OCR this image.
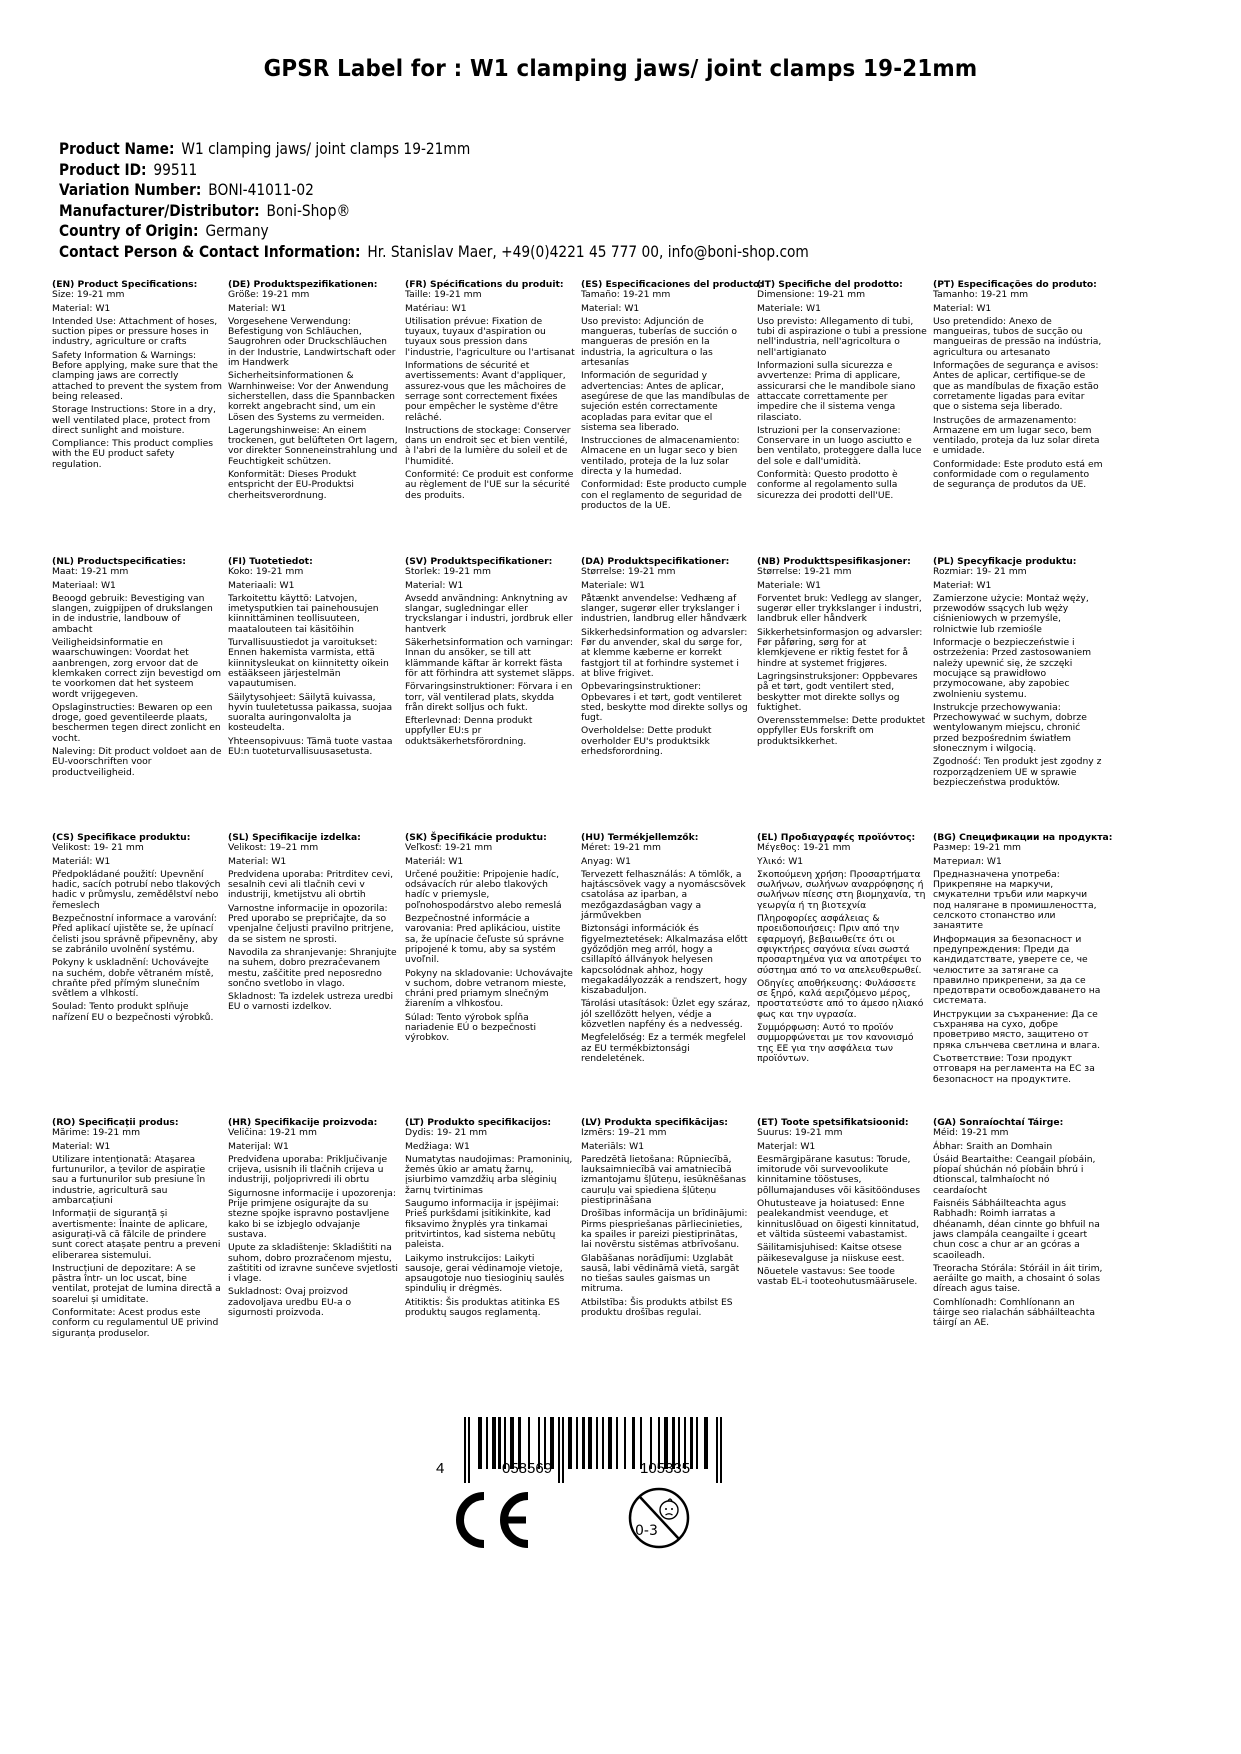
GPSR Label for : W1 clamping jaws/ joint clamps 19-21mm
Product Name: W1 clamping jaws/ joint clamps 19-21mm
Product ID: 99511
Variation Number: BONI-41011-02
Manufacturer/Distributor: Boni-Shop®
Country of Origin: Germany
Contact Person & Contact Information: Hr. Stanislav Maer, +49(0)4221 45 777 00, info@boni-shop.com
(EN) Product Specifications:
Size: 19-21 mm
Material: W1
Intended Use: Attachment of hoses, suction pipes or pressure hoses in industry, agriculture or crafts
Safety Information & Warnings: Before applying, make sure that the clamping jaws are correctly attached to prevent the system from being released.
Storage Instructions: Store in a dry, well ventilated place, protect from direct sunlight and moisture.
Compliance: This product complies with the EU product safety regulation.
(DE) Produktspezifikationen:
Größe: 19-21 mm
Material: W1
Vorgesehene Verwendung: Befestigung von Schläuchen, Saugrohren oder Druckschläuchen in der Industrie, Landwirtschaft oder im Handwerk
Sicherheitsinformationen & Warnhinweise: Vor der Anwendung sicherstellen, dass die Spannbacken korrekt angebracht sind, um ein Lösen des Systems zu vermeiden.
Lagerungshinweise: An einem trockenen, gut belüfteten Ort lagern, vor direkter Sonneneinstrahlung und Feuchtigkeit schützen.
Konformität: Dieses Produkt entspricht der EU-Produktsi cherheitsverordnung.
(FR) Spécifications du produit:
Taille: 19-21 mm
Matériau: W1
Utilisation prévue: Fixation de tuyaux, tuyaux d'aspiration ou tuyaux sous pression dans l'industrie, l'agriculture ou l'artisanat
Informations de sécurité et avertissements: Avant d'appliquer, assurez-vous que les mâchoires de serrage sont correctement fixées pour empêcher le système d'être relâché.
Instructions de stockage: Conserver dans un endroit sec et bien ventilé, à l'abri de la lumière du soleil et de l'humidité.
Conformité: Ce produit est conforme au règlement de l'UE sur la sécurité des produits.
(ES) Especificaciones del producto:
Tamaño: 19-21 mm
Material: W1
Uso previsto: Adjunción de mangueras, tuberías de succión o mangueras de presión en la industria, la agricultura o las artesanías
Información de seguridad y advertencias: Antes de aplicar, asegúrese de que las mandíbulas de sujeción estén correctamente acopladas para evitar que el sistema sea liberado.
Instrucciones de almacenamiento: Almacene en un lugar seco y bien ventilado, proteja de la luz solar directa y la humedad.
Conformidad: Este producto cumple con el reglamento de seguridad de productos de la UE.
(IT) Specifiche del prodotto:
Dimensione: 19-21 mm
Materiale: W1
Uso previsto: Allegamento di tubi, tubi di aspirazione o tubi a pressione nell'industria, nell'agricoltura o nell'artigianato
Informazioni sulla sicurezza e avvertenze: Prima di applicare, assicurarsi che le mandibole siano attaccate correttamente per impedire che il sistema venga rilasciato.
Istruzioni per la conservazione: Conservare in un luogo asciutto e ben ventilato, proteggere dalla luce del sole e dall'umidità.
Conformità: Questo prodotto è conforme al regolamento sulla sicurezza dei prodotti dell'UE.
(PT) Especificações do produto:
Tamanho: 19-21 mm
Material: W1
Uso pretendido: Anexo de mangueiras, tubos de sucção ou mangueiras de pressão na indústria, agricultura ou artesanato
Informações de segurança e avisos: Antes de aplicar, certifique-se de que as mandíbulas de fixação estão corretamente ligadas para evitar que o sistema seja liberado.
Instruções de armazenamento: Armazene em um lugar seco, bem ventilado, proteja da luz solar direta e umidade.
Conformidade: Este produto está em conformidade com o regulamento de segurança de produtos da UE.
(NL) Productspecificaties:
Maat: 19-21 mm
Materiaal: W1
Beoogd gebruik: Bevestiging van slangen, zuigpijpen of drukslangen in de industrie, landbouw of ambacht
Veiligheidsinformatie en waarschuwingen: Voordat het aanbrengen, zorg ervoor dat de klemkaken correct zijn bevestigd om te voorkomen dat het systeem wordt vrijgegeven.
Opslaginstructies: Bewaren op een droge, goed geventileerde plaats, beschermen tegen direct zonlicht en vocht.
Naleving: Dit product voldoet aan de EU-voorschriften voor productveiligheid.
(FI) Tuotetiedot:
Koko: 19-21 mm
Materiaali: W1
Tarkoitettu käyttö: Latvojen, imetysputkien tai painehousujen kiinnittäminen teollisuuteen, maatalouteen tai käsitöihin
Turvallisuustiedot ja varoitukset: Ennen hakemista varmista, että kiinnitysleukat on kiinnitetty oikein estääkseen järjestelmän vapautumisen.
Säilytysohjeet: Säilytä kuivassa, hyvin tuuletetussa paikassa, suojaa suoralta auringonvalolta ja kosteudelta.
Yhteensopivuus: Tämä tuote vastaa EU:n tuoteturvallisuusasetusta.
(SV) Produktspecifikationer:
Storlek: 19-21 mm
Material: W1
Avsedd användning: Anknytning av slangar, sugledningar eller tryckslangar i industri, jordbruk eller hantverk
Säkerhetsinformation och varningar: Innan du ansöker, se till att klämmande käftar är korrekt fästa för att förhindra att systemet släpps.
Förvaringsinstruktioner: Förvara i en torr, väl ventilerad plats, skydda från direkt solljus och fukt.
Efterlevnad: Denna produkt uppfyller EU:s pr oduktsäkerhetsförordning.
(DA) Produktspecifikationer:
Størrelse: 19-21 mm
Materiale: W1
Påtænkt anvendelse: Vedhæng af slanger, sugerør eller trykslanger i industrien, landbrug eller håndværk
Sikkerhedsinformation og advarsler: Før du anvender, skal du sørge for, at klemme kæberne er korrekt fastgjort til at forhindre systemet i at blive frigivet.
Opbevaringsinstruktioner: Opbevares i et tørt, godt ventileret sted, beskytte mod direkte sollys og fugt.
Overholdelse: Dette produkt overholder EU's produktsikk erhedsforordning.
(NB) Produkttspesifikasjoner:
Størrelse: 19-21 mm
Materiale: W1
Forventet bruk: Vedlegg av slanger, sugerør eller trykkslanger i industri, landbruk eller håndverk
Sikkerhetsinformasjon og advarsler: Før påføring, sørg for at klemkjevene er riktig festet for å hindre at systemet frigjøres.
Lagringsinstruksjoner: Oppbevares på et tørt, godt ventilert sted, beskytter mot direkte sollys og fuktighet.
Overensstemmelse: Dette produktet oppfyller EUs forskrift om produktsikkerhet.
(PL) Specyfikacje produktu:
Rozmiar: 19- 21 mm
Materiał: W1
Zamierzone użycie: Montaż węży, przewodów ssących lub węży ciśnieniowych w przemyśle, rolnictwie lub rzemiośle
Informacje o bezpieczeństwie i ostrzeżenia: Przed zastosowaniem należy upewnić się, że szczęki mocujące są prawidłowo przymocowane, aby zapobiec zwolnieniu systemu.
Instrukcje przechowywania: Przechowywać w suchym, dobrze wentylowanym miejscu, chronić przed bezpośrednim światłem słonecznym i wilgocią.
Zgodność: Ten produkt jest zgodny z rozporządzeniem UE w sprawie bezpieczeństwa produktów.
(CS) Specifikace produktu:
Velikost: 19- 21 mm
Materiál: W1
Předpokládané použití: Upevnění hadic, sacích potrubí nebo tlakových hadic v průmyslu, zemědělství nebo řemeslech
Bezpečnostní informace a varování: Před aplikací ujistěte se, že upínací čelisti jsou správně připevněny, aby se zabránilo uvolnění systému.
Pokyny k uskladnění: Uchovávejte na suchém, dobře větraném místě, chraňte před přímým slunečním světlem a vlhkostí.
Soulad: Tento produkt splňuje nařízení EU o bezpečnosti výrobků.
(SL) Specifikacije izdelka:
Velikost: 19–21 mm
Material: W1
Predvidena uporaba: Pritrditev cevi, sesalnih cevi ali tlačnih cevi v industriji, kmetijstvu ali obrtih
Varnostne informacije in opozorila: Pred uporabo se prepričajte, da so vpenjalne čeljusti pravilno pritrjene, da se sistem ne sprosti.
Navodila za shranjevanje: Shranjujte na suhem, dobro prezračevanem mestu, zaščitite pred neposredno sončno svetlobo in vlago.
Skladnost: Ta izdelek ustreza uredbi EU o varnosti izdelkov.
(SK) Špecifikácie produktu:
Veľkosť: 19-21 mm
Materiál: W1
Určené použitie: Pripojenie hadíc, odsávacích rúr alebo tlakových hadíc v priemysle, poľnohospodárstvo alebo remeslá
Bezpečnostné informácie a varovania: Pred aplikáciou, uistite sa, že upínacie čeľuste sú správne pripojené k tomu, aby sa systém uvoľnil.
Pokyny na skladovanie: Uchovávajte v suchom, dobre vetranom mieste, chráni pred priamym slnečným žiarením a vlhkosťou.
Súlad: Tento výrobok spĺňa nariadenie EÚ o bezpečnosti výrobkov.
(HU) Termékjellemzők:
Méret: 19-21 mm
Anyag: W1
Tervezett felhasználás: A tömlők, a hajtáscsövek vagy a nyomáscsövek csatolása az iparban, a mezőgazdaságban vagy a járművekben
Biztonsági információk és figyelmeztetések: Alkalmazása előtt győződjön meg arról, hogy a csillapító állványok helyesen kapcsolódnak ahhoz, hogy megakadályozzák a rendszert, hogy kiszabaduljon.
Tárolási utasítások: Üzlet egy száraz, jól szellőzött helyen, védje a közvetlen napfény és a nedvesség.
Megfelelőség: Ez a termék megfelel az EU termékbiztonsági rendeletének.
(EL) Προδιαγραφές προϊόντος:
Μέγεθος: 19-21 mm
Υλικό: W1
Σκοπούμενη χρήση: Προσαρτήματα σωλήνων, σωλήνων αναρρόφησης ή σωλήνων πίεσης στη βιομηχανία, τη γεωργία ή τη βιοτεχνία
Πληροφορίες ασφάλειας & προειδοποιήσεις: Πριν από την εφαρμογή, βεβαιωθείτε ότι οι σφιγκτήρες σαγόνια είναι σωστά προσαρτημένα για να αποτρέψει το σύστημα από το να απελευθερωθεί.
Οδηγίες αποθήκευσης: Φυλάσσετε σε ξηρό, καλά αεριζόμενο μέρος, προστατεύστε από το άμεσο ηλιακό φως και την υγρασία.
Συμμόρφωση: Αυτό το προϊόν συμμορφώνεται με τον κανονισμό της ΕΕ για την ασφάλεια των προϊόντων.
(BG) Спецификации на продукта:
Размер: 19-21 mm
Материал: W1
Предназначена употреба: Прикрепяне на маркучи, смукателни тръби или маркучи под налягане в промишлеността, селското стопанство или занаятите
Информация за безопасност и предупреждения: Преди да кандидатствате, уверете се, че челюстите за затягане са правилно прикрепени, за да се предотврати освобождаването на системата.
Инструкции за съхранение: Да се съхранява на сухо, добре проветриво място, защитено от пряка слънчева светлина и влага.
Съответствие: Този продукт отговаря на регламента на ЕС за безопасност на продуктите.
(RO) Specificații produs:
Mărime: 19-21 mm
Material: W1
Utilizare intenționată: Atașarea furtunurilor, a țevilor de aspirație sau a furtunurilor sub presiune în industrie, agricultură sau ambarcațiuni
Informații de siguranță și avertismente: Înainte de aplicare, asigurați-vă că fălcile de prindere sunt corect atașate pentru a preveni eliberarea sistemului.
Instrucțiuni de depozitare: A se păstra într- un loc uscat, bine ventilat, protejat de lumina directă a soarelui și umiditate.
Conformitate: Acest produs este conform cu regulamentul UE privind siguranța produselor.
(HR) Specifikacije proizvoda:
Veličina: 19-21 mm
Materijal: W1
Predviđena uporaba: Priključivanje crijeva, usisnih ili tlačnih crijeva u industriji, poljoprivredi ili obrtu
Sigurnosne informacije i upozorenja: Prije primjene osigurajte da su stezne spojke ispravno postavljene kako bi se izbjeglo odvajanje sustava.
Upute za skladištenje: Skladištiti na suhom, dobro prozračenom mjestu, zaštititi od izravne sunčeve svjetlosti i vlage.
Sukladnost: Ovaj proizvod zadovoljava uredbu EU-a o sigurnosti proizvoda.
(LT) Produkto specifikacijos:
Dydis: 19- 21 mm
Medžiaga: W1
Numatytas naudojimas: Pramoninių, žemės ūkio ar amatų žarnų, įsiurbimo vamzdžių arba slėginių žarnų tvirtinimas
Saugumo informacija ir įspėjimai: Prieš purkšdami įsitikinkite, kad fiksavimo žnyplės yra tinkamai pritvirtintos, kad sistema nebūtų paleista.
Laikymo instrukcijos: Laikyti sausoje, gerai vėdinamoje vietoje, apsaugotoje nuo tiesioginių saulės spindulių ir drėgmės.
Atitiktis: Šis produktas atitinka ES produktų saugos reglamentą.
(LV) Produkta specifikācijas:
Izmērs: 19–21 mm
Materiāls: W1
Paredzētā lietošana: Rūpniecībā, lauksaimniecībā vai amatniecībā izmantojamu šļūteņu, iesūknēšanas cauruļu vai spiediena šļūteņu piestiprināšana
Drošības informācija un brīdinājumi: Pirms piespriešanas pārliecinieties, ka spailes ir pareizi piestiprinātas, lai novērstu sistēmas atbrīvošanu.
Glabāšanas norādījumi: Uzglabāt sausā, labi vēdināmā vietā, sargāt no tiešas saules gaismas un mitruma.
Atbilstība: Šis produkts atbilst ES produktu drošības regulai.
(ET) Toote spetsifikatsioonid:
Suurus: 19-21 mm
Materjal: W1
Eesmärgipärane kasutus: Torude, imitorude või survevoolikute kinnitamine tööstuses, põllumajanduses või käsitöönduses
Ohutusteave ja hoiatused: Enne pealekandmist veenduge, et kinnituslõuad on õigesti kinnitatud, et vältida süsteemi vabastamist.
Säilitamisjuhised: Kaitse otsese päikesevalguse ja niiskuse eest.
Nõuetele vastavus: See toode vastab EL-i tooteohutusmäärusele.
(GA) Sonraíochtaí Táirge:
Méid: 19-21 mm
Ábhar: Sraith an Domhain
Úsáid Beartaithe: Ceangail píobáin, píopaí shúchán nó píobáin bhrú i dtionscal, talmhaíocht nó ceardaíocht
Faisnéis Sábháilteachta agus Rabhadh: Roimh iarratas a dhéanamh, déan cinnte go bhfuil na jaws clampála ceangailte i gceart chun cosc a chur ar an gcóras a scaoileadh.
Treoracha Stórála: Stóráil in áit tirim, aeráilte go maith, a chosaint ó solas díreach agus taise.
Comhlíonadh: Comhlíonann an táirge seo rialachán sábháilteachta táirgí an AE.
4	058569	105335
0-3
